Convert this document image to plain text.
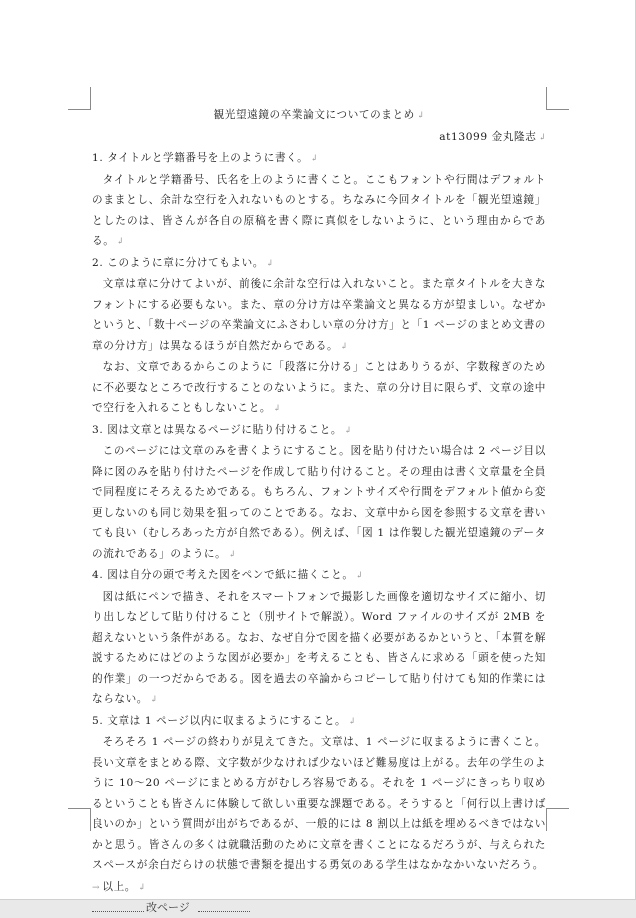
観光望遠鏡の卒業論文についてのまとめ ↲
at13099 金丸隆志 ↲

1. タイトルと学籍番号を上のように書く。 ↲

タイトルと学籍番号、氏名を上のように書くこと。ここもフォントや行間はデフォルトのままとし、余計な空行を入れないものとする。ちなみに今回タイトルを「観光望遠鏡」としたのは、皆さんが各自の原稿を書く際に真似をしないように、という理由からである。 ↲

2. このように章に分けてもよい。 ↲

文章は章に分けてよいが、前後に余計な空行は入れないこと。また章タイトルを大きなフォントにする必要もない。また、章の分け方は卒業論文と異なる方が望ましい。なぜかというと、「数十ページの卒業論文にふさわしい章の分け方」と「1 ページのまとめ文書の章の分け方」は異なるほうが自然だからである。 ↲

なお、文章であるからこのように「段落に分ける」ことはありうるが、字数稼ぎのために不必要なところで改行することのないように。また、章の分け目に限らず、文章の途中で空行を入れることもしないこと。 ↲

3. 図は文章とは異なるページに貼り付けること。 ↲

このページには文章のみを書くようにすること。図を貼り付けたい場合は 2 ページ目以降に図のみを貼り付けたページを作成して貼り付けること。その理由は書く文章量を全員で同程度にそろえるためである。もちろん、フォントサイズや行間をデフォルト値から変更しないのも同じ効果を狙ってのことである。なお、文章中から図を参照する文章を書いても良い（むしろあった方が自然である）。例えば、「図 1 は作製した観光望遠鏡のデータの流れである」のように。 ↲

4. 図は自分の頭で考えた図をペンで紙に描くこと。 ↲

図は紙にペンで描き、それをスマートフォンで撮影した画像を適切なサイズに縮小、切り出しなどして貼り付けること（別サイトで解説）。Word ファイルのサイズが 2MB を超えないという条件がある。なお、なぜ自分で図を描く必要があるかというと、「本質を解説するためにはどのような図が必要か」を考えることも、皆さんに求める「頭を使った知的作業」の一つだからである。図を過去の卒論からコピーして貼り付けても知的作業にはならない。 ↲

5. 文章は 1 ページ以内に収まるようにすること。 ↲

そろそろ 1 ページの終わりが見えてきた。文章は、1 ページに収まるように書くこと。長い文章をまとめる際、文字数が少なければ少ないほど難易度は上がる。去年の学生のように 10〜20 ページにまとめる方がむしろ容易である。それを 1 ページにきっちり収めるということも皆さんに体験して欲しい重要な課題である。そうすると「何行以上書けば良いのか」という質問が出がちであるが、一般的には 8 割以上は紙を埋めるべきではないかと思う。皆さんの多くは就職活動のために文章を書くことになるだろうが、与えられたスペースが余白だらけの状態で書類を提出する勇気のある学生はなかなかいないだろう。 → 以上。 ↲

改ページ
